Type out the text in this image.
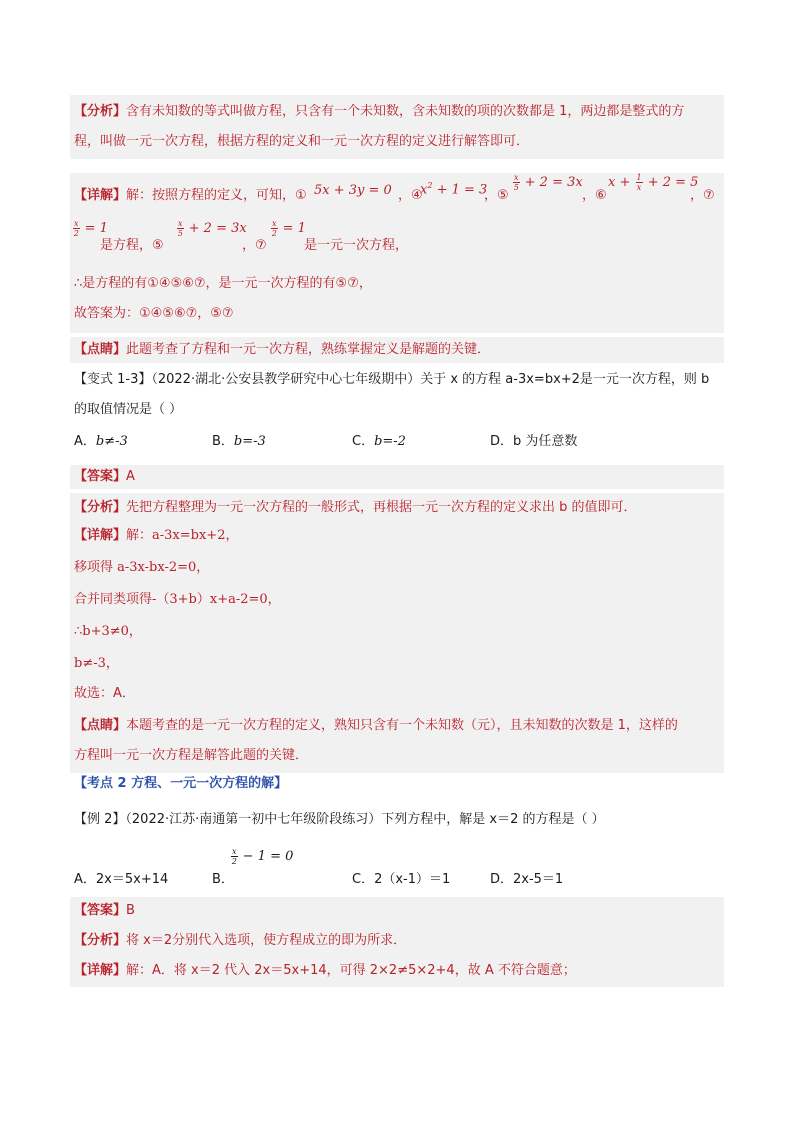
【分析】含有未知数的等式叫做方程，只含有一个未知数，含未知数的项的次数都是 1，两边都是整式的方
程，叫做一元一次方程，根据方程的定义和一元一次方程的定义进行解答即可．
【详解】解：按照方程的定义，可知，① 5x + 3y = 0 ，④
$x^2 + 1 = 3$
，⑤
$\frac{x}{5} + 2 = 3x$
，⑥
$x + \frac{1}{x} + 2 = 5$
，⑦
$\frac{x}{2} = 1$
是方程，⑤
$\frac{x}{5} + 2 = 3x$
，⑦
$\frac{x}{2} = 1$
是一元一次方程，
∴是方程的有①④⑤⑥⑦，是一元一次方程的有⑤⑦，
故答案为：①④⑤⑥⑦，⑤⑦
【点睛】此题考查了方程和一元一次方程，熟练掌握定义是解题的关键．
【变式 1-3】（2022·湖北·公安县教学研究中心七年级期中）关于 x 的方程 a-3x=bx+2是一元一次方程，则 b
的取值情况是（ ）
A．b≠-3	B．b=-3	C．b=-2	D．b 为任意数
【答案】A
【分析】先把方程整理为一元一次方程的一般形式，再根据一元一次方程的定义求出 b 的值即可．
【详解】解：a-3x=bx+2，
移项得 a-3x-bx-2=0，
合并同类项得-（3+b）x+a-2=0，
∴b+3≠0，
b≠-3，
故选：A．
【点睛】本题考查的是一元一次方程的定义，熟知只含有一个未知数（元），且未知数的次数是 1，这样的
方程叫一元一次方程是解答此题的关键．
【考点 2 方程、一元一次方程的解】
【例 2】（2022·江苏·南通第一初中七年级阶段练习）下列方程中，解是 x＝2 的方程是（ ）
A．2x＝5x+14	B．
$\frac{x}{2} - 1 = 0$
C．2（x-1）＝1	D．2x-5＝1
【答案】B
【分析】将 x＝2分别代入选项，使方程成立的即为所求．
【详解】解：A．将 x＝2 代入 2x＝5x+14，可得 2×2≠5×2+4，故 A 不符合题意；
